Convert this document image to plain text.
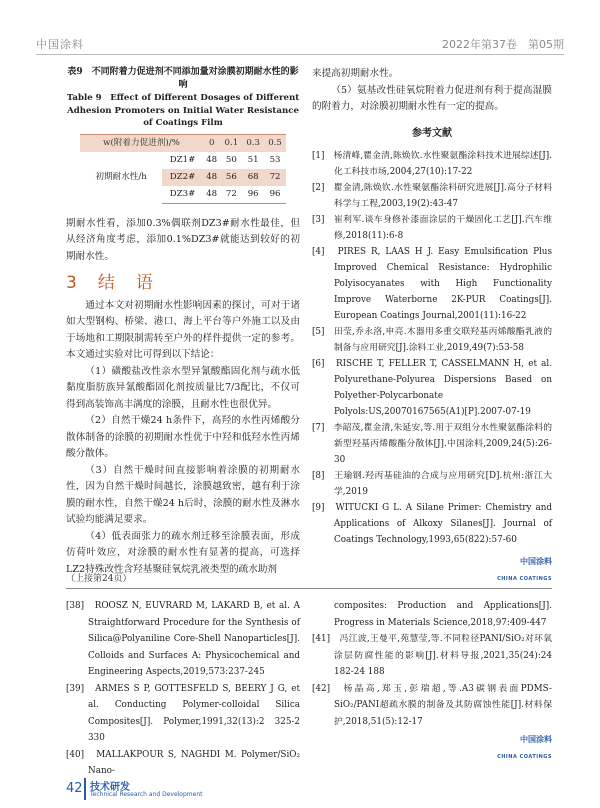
中国涂料	2022年第37卷　第05期
表9　不同附着力促进剂不同添加量对涂膜初期耐水性的影响
Table 9　Effect of Different Dosages of Different Adhesion Promoters on Initial Water Resistance of Coatings Film
w(附着力促进剂)/%		0	0.1	0.3	0.5
初期耐水性/h	DZ1#	48	50	51	53
	DZ2#	48	56	68	72
	DZ3#	48	72	96	96

期耐水性看，添加0.3%偶联剂DZ3#耐水性最佳，但从经济角度考虑，添加0.1%DZ3#就能达到较好的初期耐水性。

3　结　语

通过本文对初期耐水性影响因素的探讨，可对于诸如大型钢构、桥梁、港口、海上平台等户外施工以及由于场地和工期限制需转至户外的样件提供一定的参考。本文通过实验对比可得到以下结论：

（1）磺酸盐改性亲水型异氰酸酯固化剂与疏水低黏度脂肪族异氰酸酯固化剂按质量比7/3配比，不仅可得到高装饰高丰满度的涂膜，且耐水性也很优异。

（2）自然干燥24 h条件下，高羟的水性丙烯酸分散体制备的涂膜的初期耐水性优于中羟和低羟水性丙烯酸分散体。

（3）自然干燥时间直接影响着涂膜的初期耐水性，因为自然干燥时间越长，涂膜越致密，越有利于涂膜的耐水性，自然干燥24 h后时，涂膜的耐水性及淋水试验均能满足要求。

（4）低表面张力的疏水剂迁移至涂膜表面，形成仿荷叶效应，对涂膜的耐水性有显著的提高，可选择LZ2特殊改性含羟基聚硅氧烷乳液类型的疏水助剂

来提高初期耐水性。

（5）氨基改性硅氧烷附着力促进剂有利于提高湿膜的附着力，对涂膜初期耐水性有一定的提高。

参考文献
[1]　杨清峰,瞿金清,陈焕钦.水性聚氨酯涂料技术进展综述[J].化工科技市场,2004,27(10):17-22
[2]　瞿金清,陈焕钦.水性聚氨酯涂料研究进展[J].高分子材料科学与工程,2003,19(2):43-47
[3]　崔利军.谈车身修补漆面涂层的干燥固化工艺[J].汽车维修,2018(11):6-8
[4]　PIRES R, LAAS H J. Easy Emulsification Plus Improved Chemical Resistance: Hydrophilic Polyisocyanates with High Functionality Improve Waterborne 2K-PUR Coatings[J]. European Coatings Journal,2001(11):16-22
[5]　田莹,乔永洛,申亮.木器用多重交联羟基丙烯酸酯乳液的制备与应用研究[J].涂料工业,2019,49(7):53-58
[6]　RISCHE T, FELLER T, CASSELMANN H, et al. Polyurethane-Polyurea Dispersions Based on Polyether-Polycarbonate Polyols:US,20070167565(A1)[P].2007-07-19
[7]　李韶茂,瞿金清,朱延安,等.用于双组分水性聚氨酯涂料的新型羟基丙烯酸酯分散体[J].中国涂料,2009,24(5):26-30
[8]　王瑜钢.羟丙基硅油的合成与应用研究[D].杭州:浙江大学,2019
[9]　WITUCKI G L. A Silane Primer: Chemistry and Applications of Alkoxy Silanes[J]. Journal of Coatings Technology,1993,65(822):57-60
中国涂料
CHINA COATINGS
（上接第24页）
[38]　ROOSZ N, EUVRARD M, LAKARD B, et al. A Straightforward Procedure for the Synthesis of Silica@Polyaniline Core-Shell Nanoparticles[J]. Colloids and Surfaces A: Physicochemical and Engineering Aspects,2019,573:237-245
[39]　ARMES S P, GOTTESFELD S, BEERY J G, et al. Conducting Polymer-colloidal Silica Composites[J]. Polymer,1991,32(13):2 325-2 330
[40]　MALLAKPOUR S, NAGHDI M. Polymer/SiO₂ Nano-
composites: Production and Applications[J]. Progress in Materials Science,2018,97:409-447
[41]　冯江波,王曼平,苑慧莹,等.不同粒径PANI/SiO₂对环氧涂层防腐性能的影响[J].材料导报,2021,35(24):24 182-24 188
[42]　杨晶高,郑玉,彭瑞超,等.A3碳钢表面PDMS-SiO₂/PANI超疏水膜的制备及其防腐蚀性能[J].材料保护,2018,51(5):12-17
中国涂料
CHINA COATINGS
42 技术研发
Technical Research and Development
